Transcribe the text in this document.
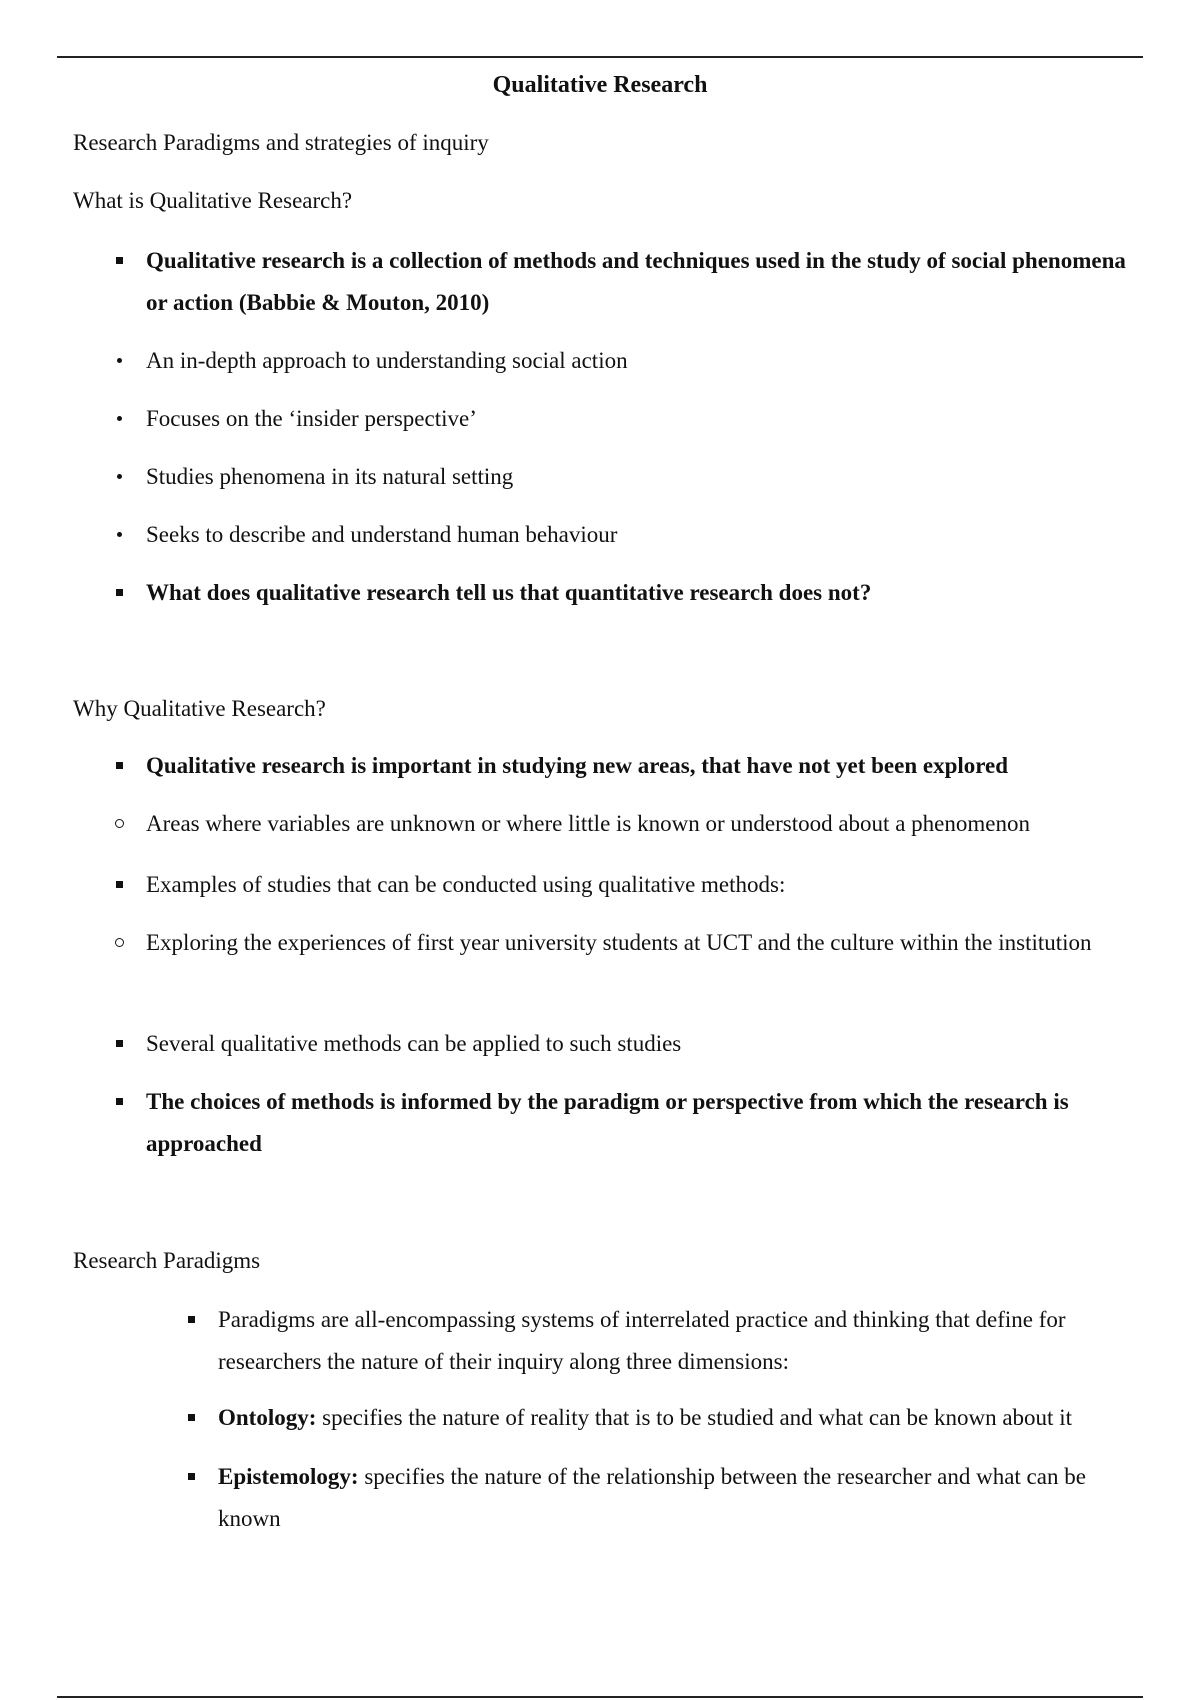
Qualitative Research
Research Paradigms and strategies of inquiry
What is Qualitative Research?
Qualitative research is a collection of methods and techniques used in the study of social phenomena or action (Babbie & Mouton, 2010)
An in-depth approach to understanding social action
Focuses on the ‘insider perspective’
Studies phenomena in its natural setting
Seeks to describe and understand human behaviour
What does qualitative research tell us that quantitative research does not?
Why Qualitative Research?
Qualitative research is important in studying new areas, that have not yet been explored
Areas where variables are unknown or where little is known or understood about a phenomenon
Examples of studies that can be conducted using qualitative methods:
Exploring the experiences of first year university students at UCT and the culture within the institution
Several qualitative methods can be applied to such studies
The choices of methods is informed by the paradigm or perspective from which the research is approached
Research Paradigms
Paradigms are all-encompassing systems of interrelated practice and thinking that define for researchers the nature of their inquiry along three dimensions:
Ontology: specifies the nature of reality that is to be studied and what can be known about it
Epistemology: specifies the nature of the relationship between the researcher and what can be known
